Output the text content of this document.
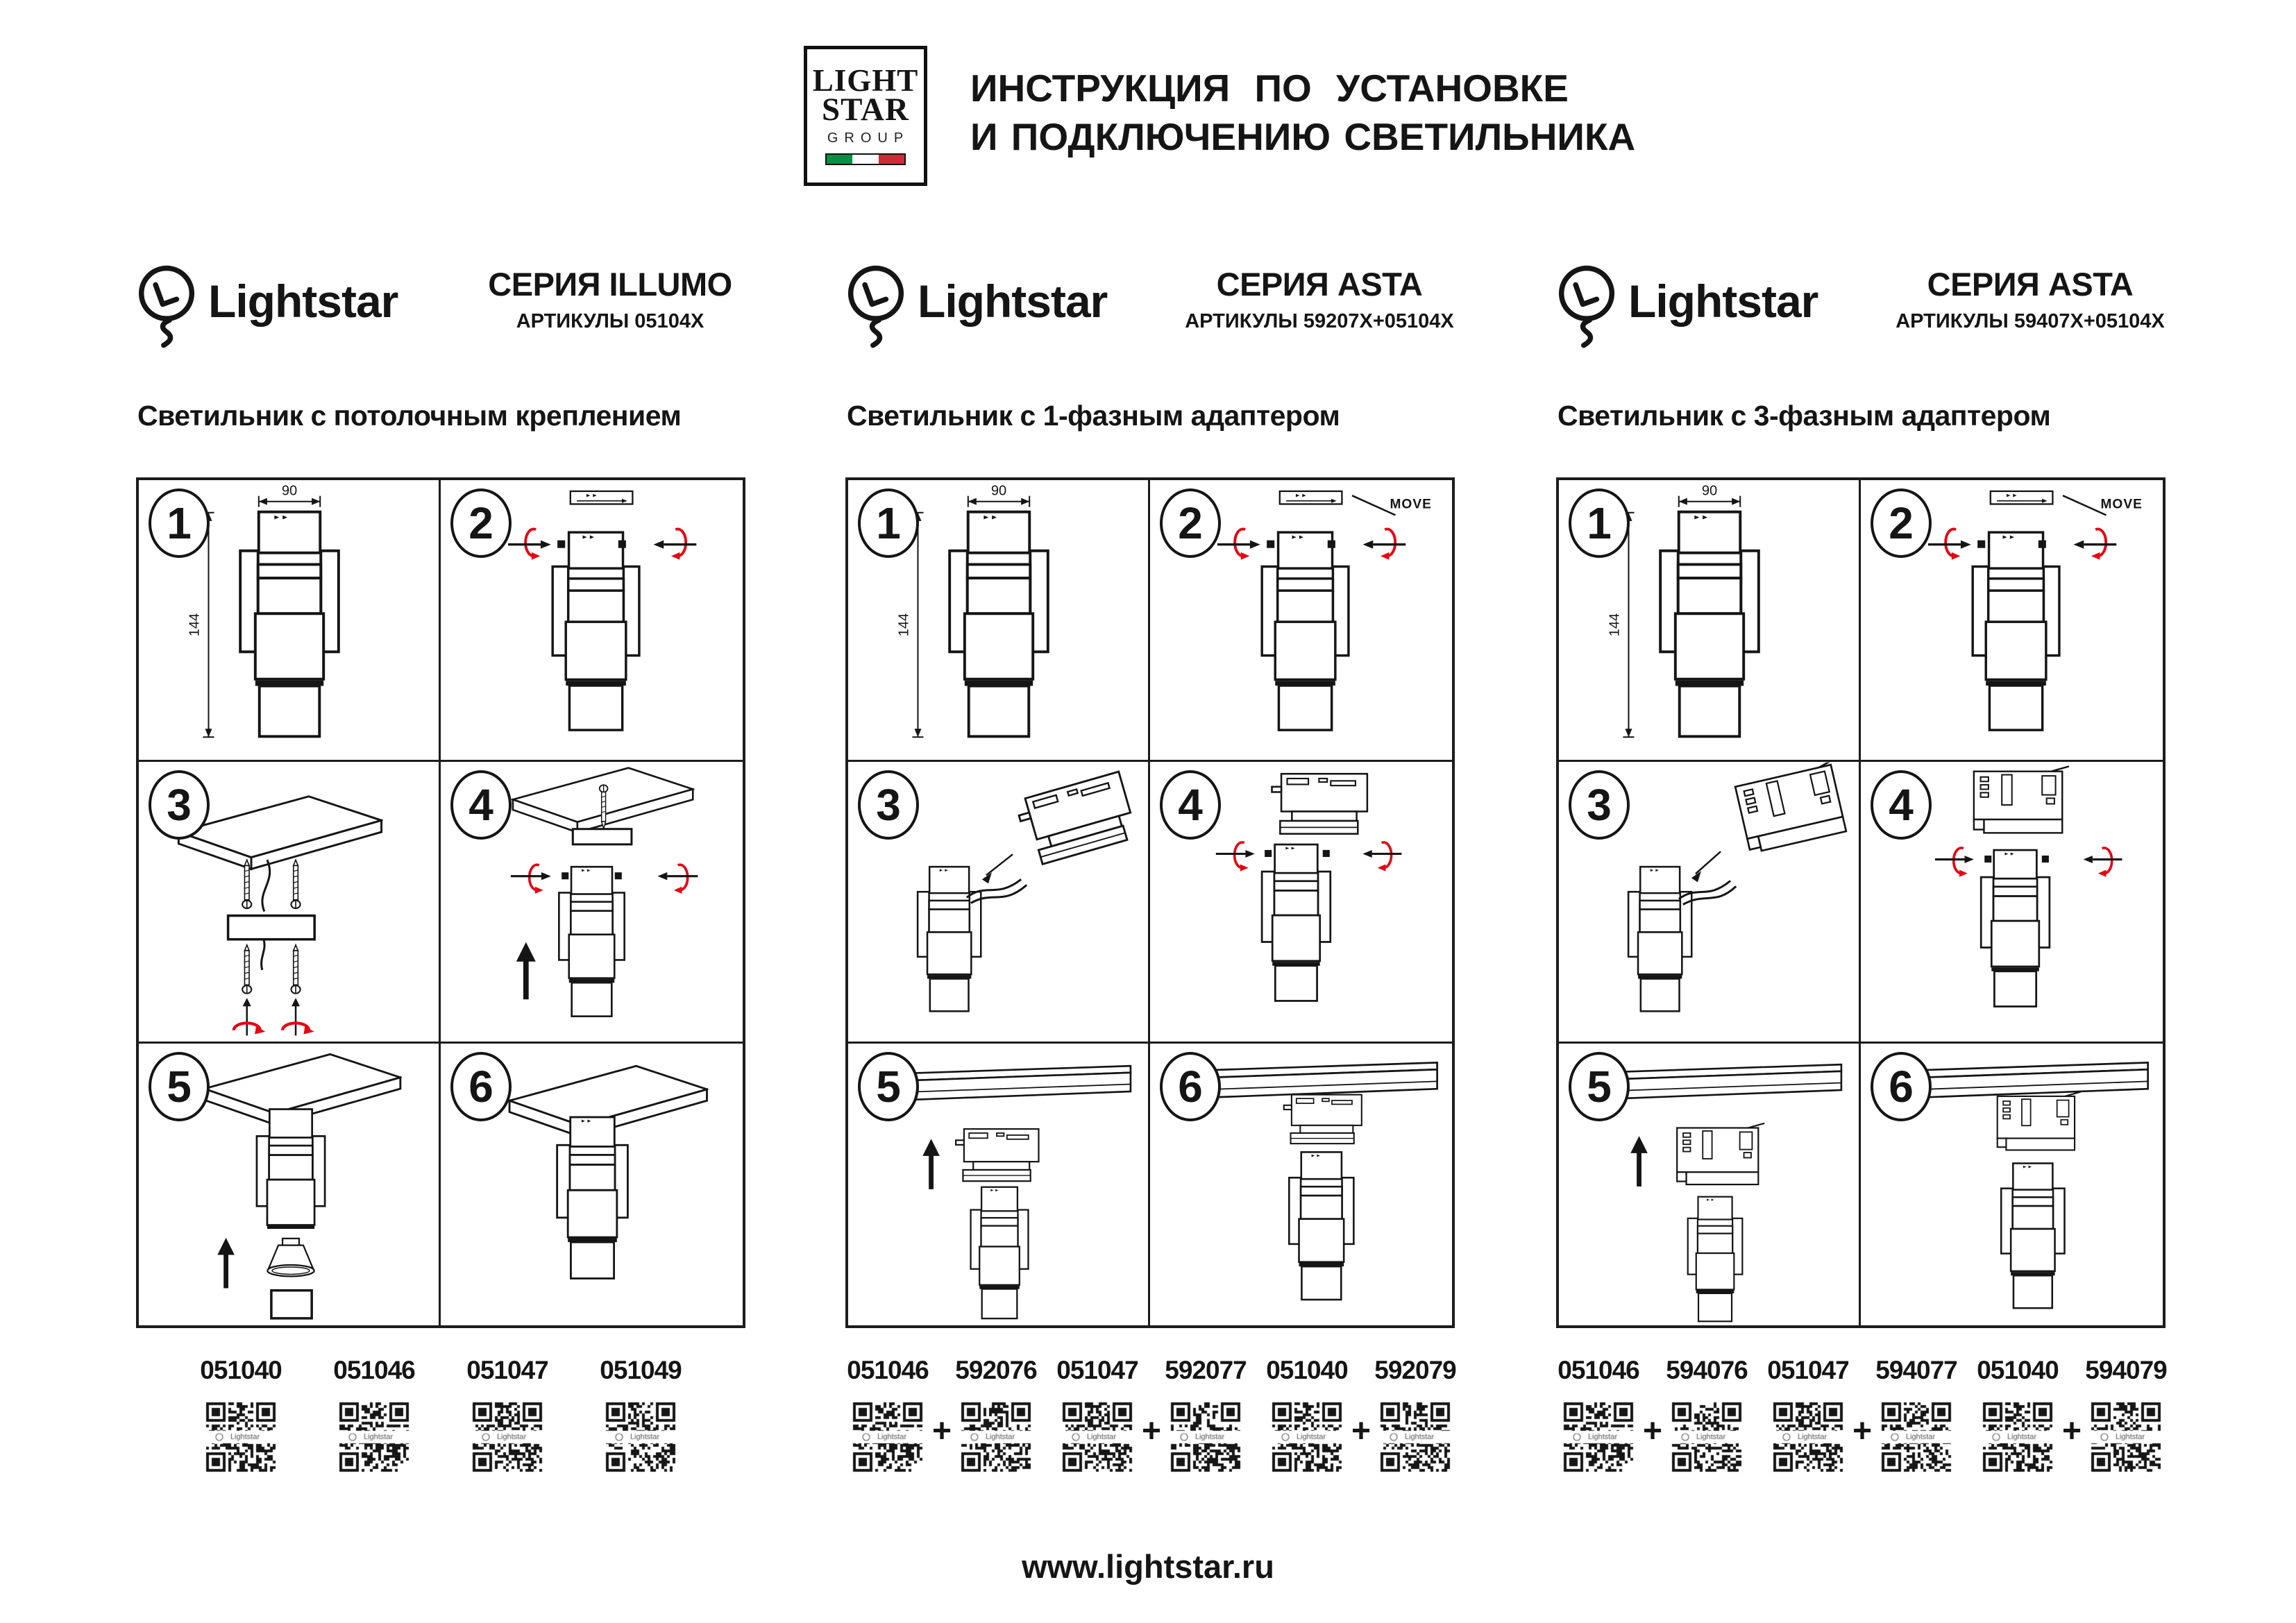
LIGHT
STAR
GROUP
ИНСТРУКЦИЯ ПО УСТАНОВКЕ
И ПОДКЛЮЧЕНИЮ СВЕТИЛЬНИКА
Lightstar	СЕРИЯ ILLUMO
АРТИКУЛЫ 05104X
Светильник с потолочным креплением
1	2
3	4
5	6
051040 051046 051047 051049
Lightstar	СЕРИЯ ASTA
АРТИКУЛЫ 59207X+05104X
Светильник с 1-фазным адаптером
1	2
3	4
5	6
051046
+
592076 051047
+
592077 051040
+
592079
Lightstar	СЕРИЯ ASTA
АРТИКУЛЫ 59407X+05104X
Светильник с 3-фазным адаптером
1	2
3	4
5	6
051046
+
594076 051047
+
594077 051040
+
594079
www.lightstar.ru
